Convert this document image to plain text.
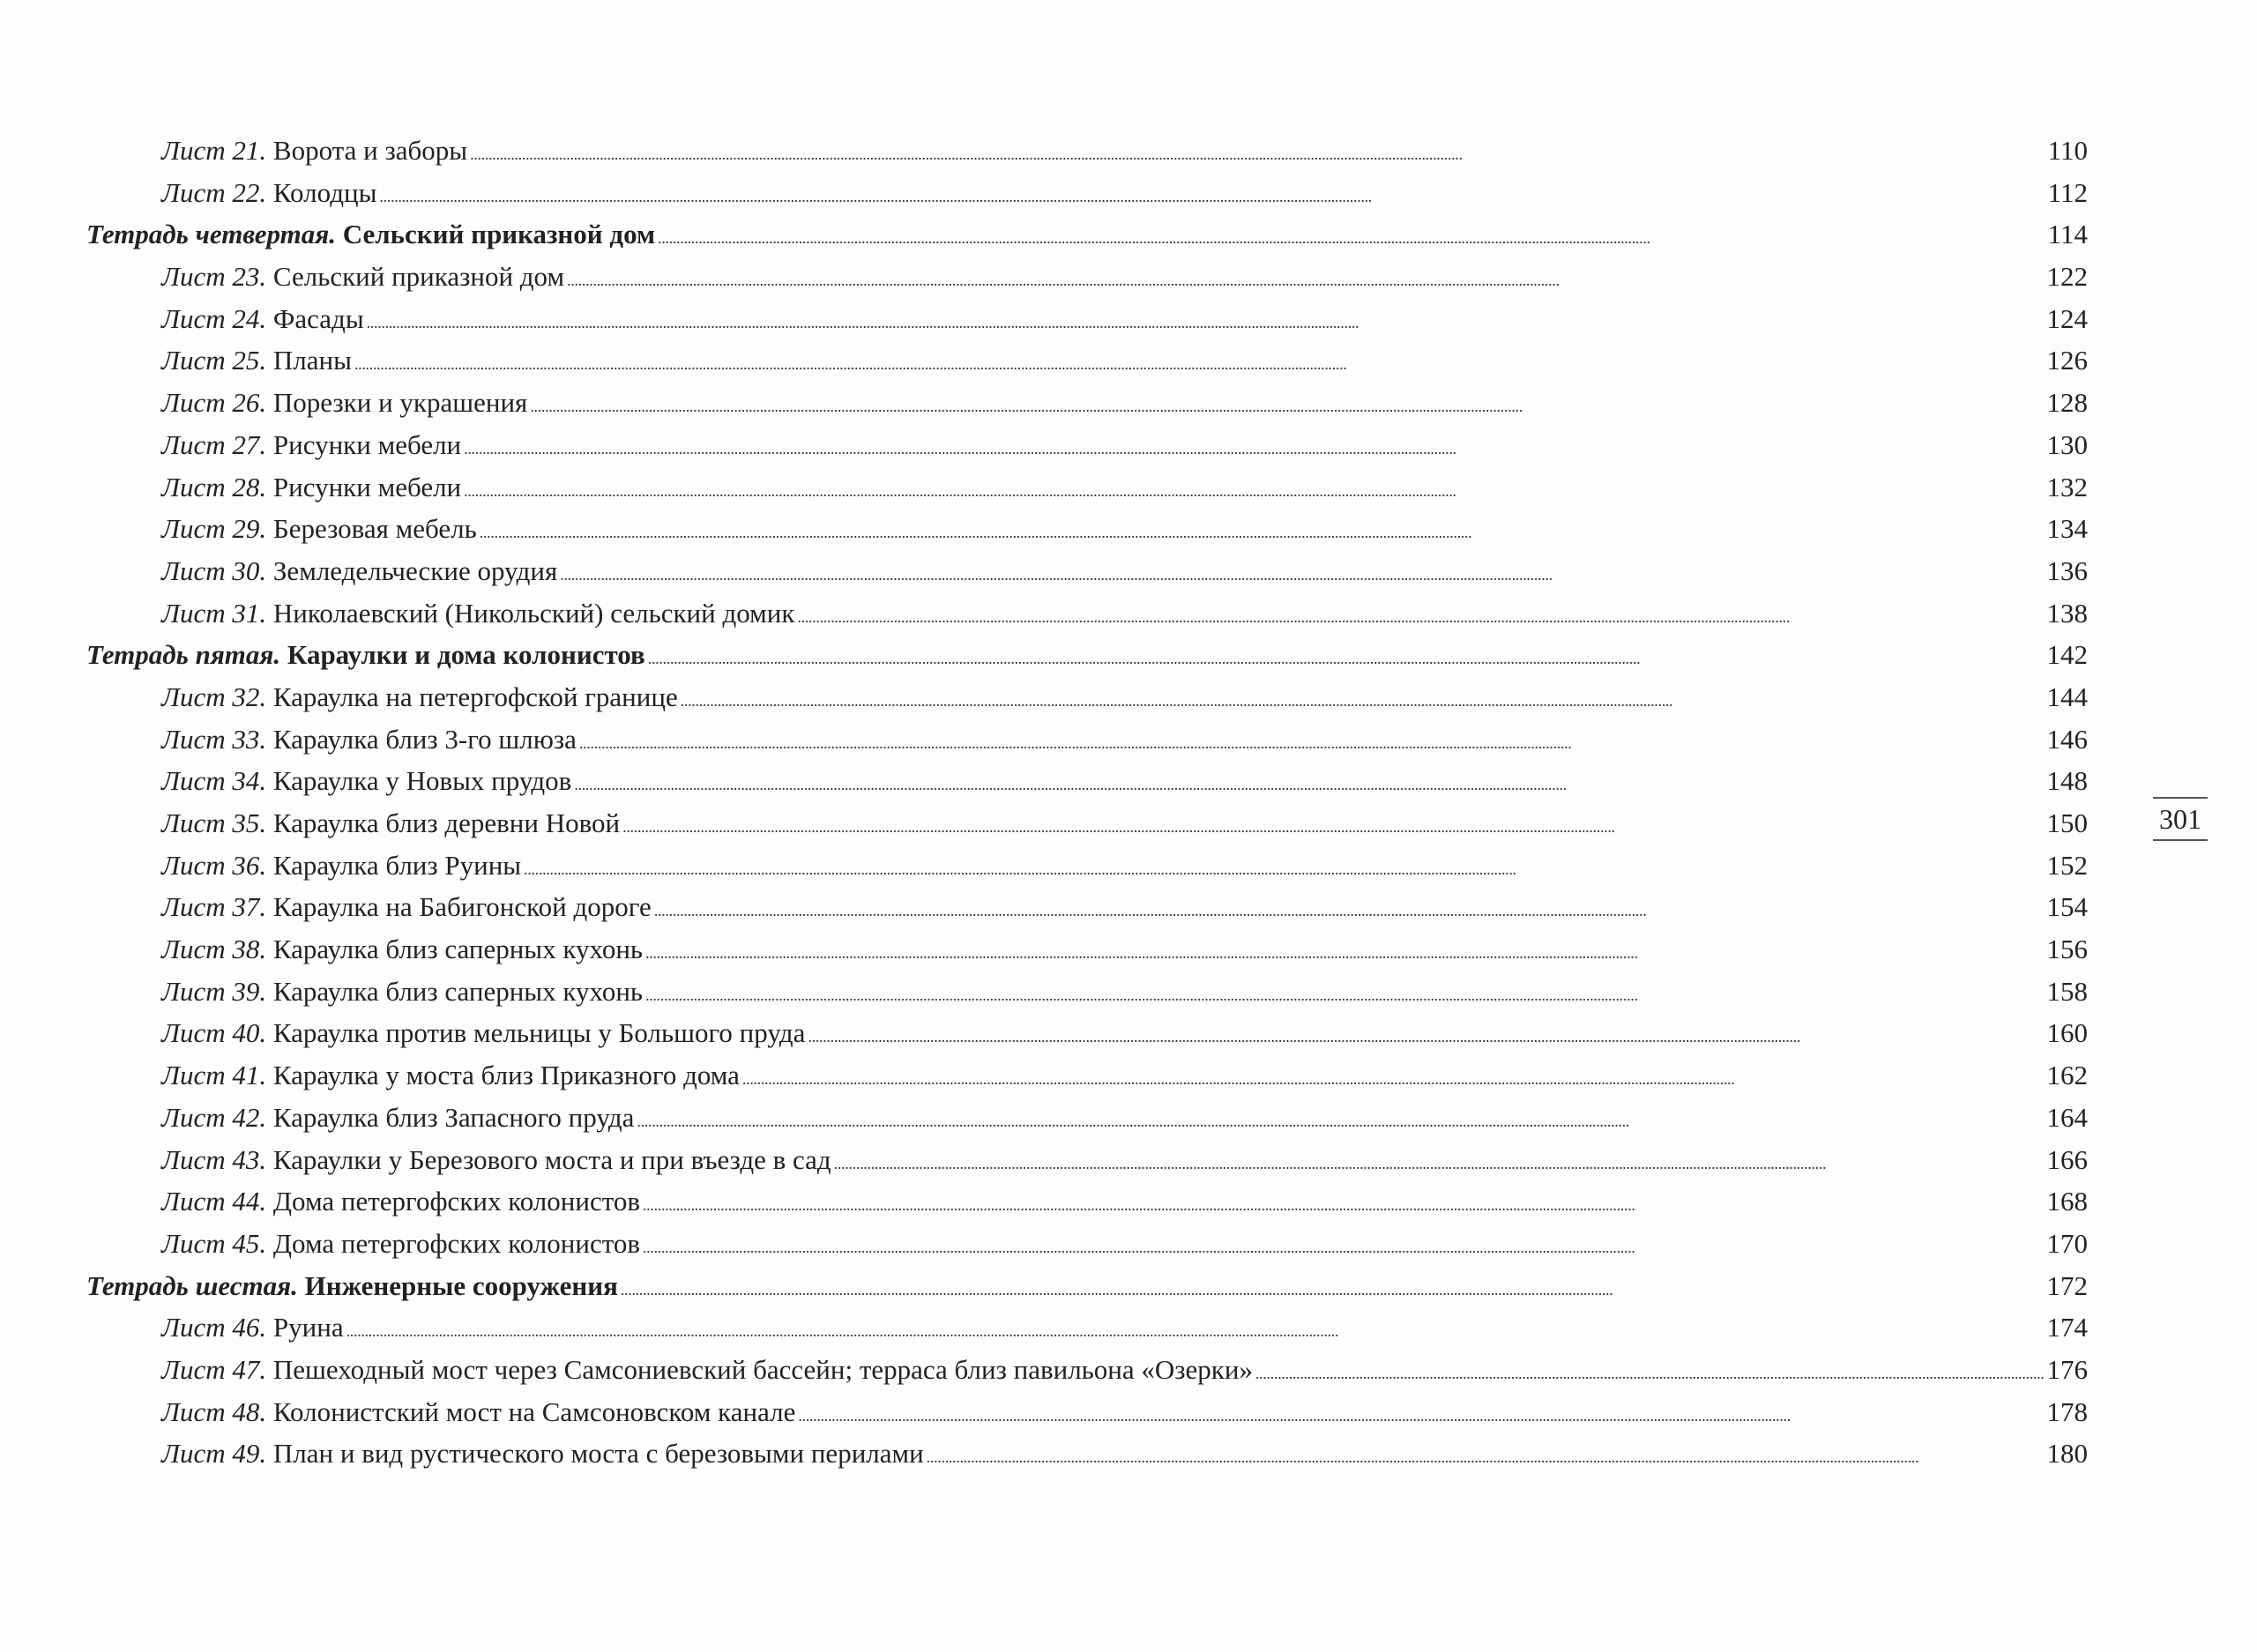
Лист 21. Ворота и заборы . . .	110
Лист 22. Колодцы . . .	112
Тетрадь четвертая. Сельский приказной дом . . .	114
Лист 23. Сельский приказной дом . . .	122
Лист 24. Фасады . . .	124
Лист 25. Планы . . .	126
Лист 26. Порезки и украшения . . .	128
Лист 27. Рисунки мебели . . .	130
Лист 28. Рисунки мебели . . .	132
Лист 29. Березовая мебель . . .	134
Лист 30. Земледельческие орудия . . .	136
Лист 31. Николаевский (Никольский) сельский домик . . .	138
Тетрадь пятая. Караулки и дома колонистов . . .	142
Лист 32. Караулка на петергофской границе . . .	144
Лист 33. Караулка близ 3-го шлюза . . .	146
Лист 34. Караулка у Новых прудов . . .	148
Лист 35. Караулка близ деревни Новой . . .	150
Лист 36. Караулка близ Руины . . .	152
Лист 37. Караулка на Бабигонской дороге . . .	154
Лист 38. Караулка близ саперных кухонь . . .	156
Лист 39. Караулка близ саперных кухонь . . .	158
Лист 40. Караулка против мельницы у Большого пруда . . .	160
Лист 41. Караулка у моста близ Приказного дома . . .	162
Лист 42. Караулка близ Запасного пруда . . .	164
Лист 43. Караулки у Березового моста и при въезде в сад . . .	166
Лист 44. Дома петергофских колонистов . . .	168
Лист 45. Дома петергофских колонистов . . .	170
Тетрадь шестая. Инженерные сооружения . . .	172
Лист 46. Руина . . .	174
Лист 47. Пешеходный мост через Самсониевский бассейн; терраса близ павильона «Озерки» . . .	176
Лист 48. Колонистский мост на Самсоновском канале . . .	178
Лист 49. План и вид рустического моста с березовыми перилами . . .	180
301
